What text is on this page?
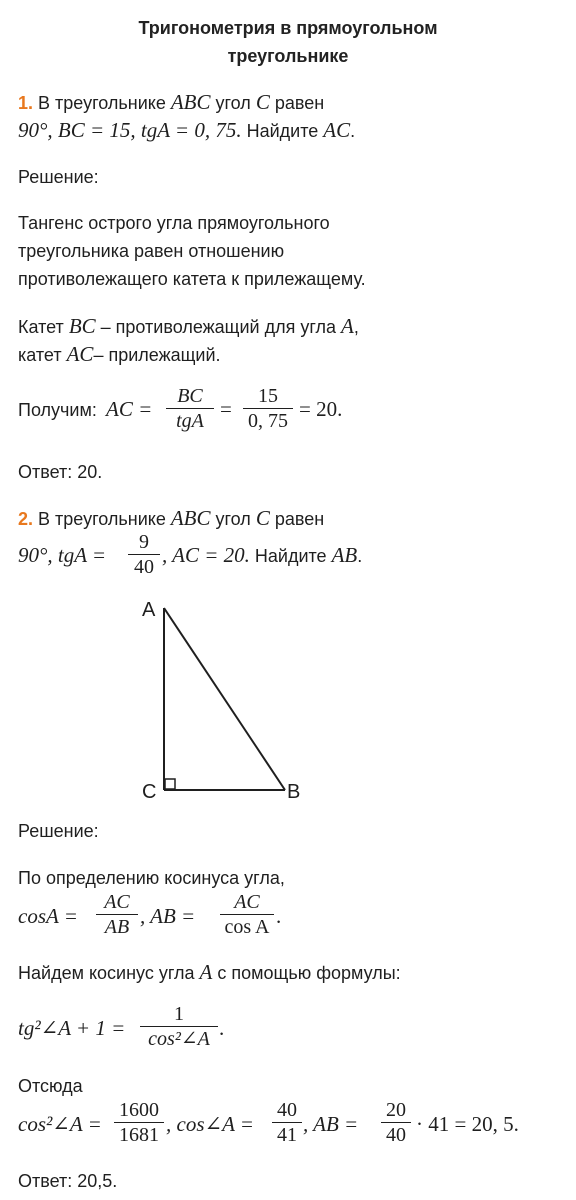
Тригонометрия в прямоугольном
треугольнике
1. В треугольнике ABC угол C равен
90°, BC = 15, tgA = 0, 75. Найдите AC.
Решение:
Тангенс острого угла прямоугольного
треугольника равен отношению
противолежащего катета к прилежащему.
Катет BC – противолежащий для угла A,
катет AC– прилежащий.
Получим: AC =
BC
tgA = $\frac{15}{0, 75} = 20$.
Ответ: 20.
2. В треугольнике ABC угол C равен
90°, tgA = $\frac{9}{40}$ , AC = 20. Найдите AB.
A
C	B
Решение:
По определению косинуса угла,
$\cos A = \frac{AC}{AB}$ , AB = $\frac{AC}{\text{cos A}}$ .
Найдем косинус угла A с помощью формулы:
tg²∠A + $1 = \frac{1}{\text{cos²∠A}}$ .
Отсюда
cos²∠A = $\frac{1600}{1681}$ , cos∠A = $\frac{40}{41}$ , AB = $\frac{20}{40} \cdot 41 = 20$, 5.
Ответ: 20,5.
